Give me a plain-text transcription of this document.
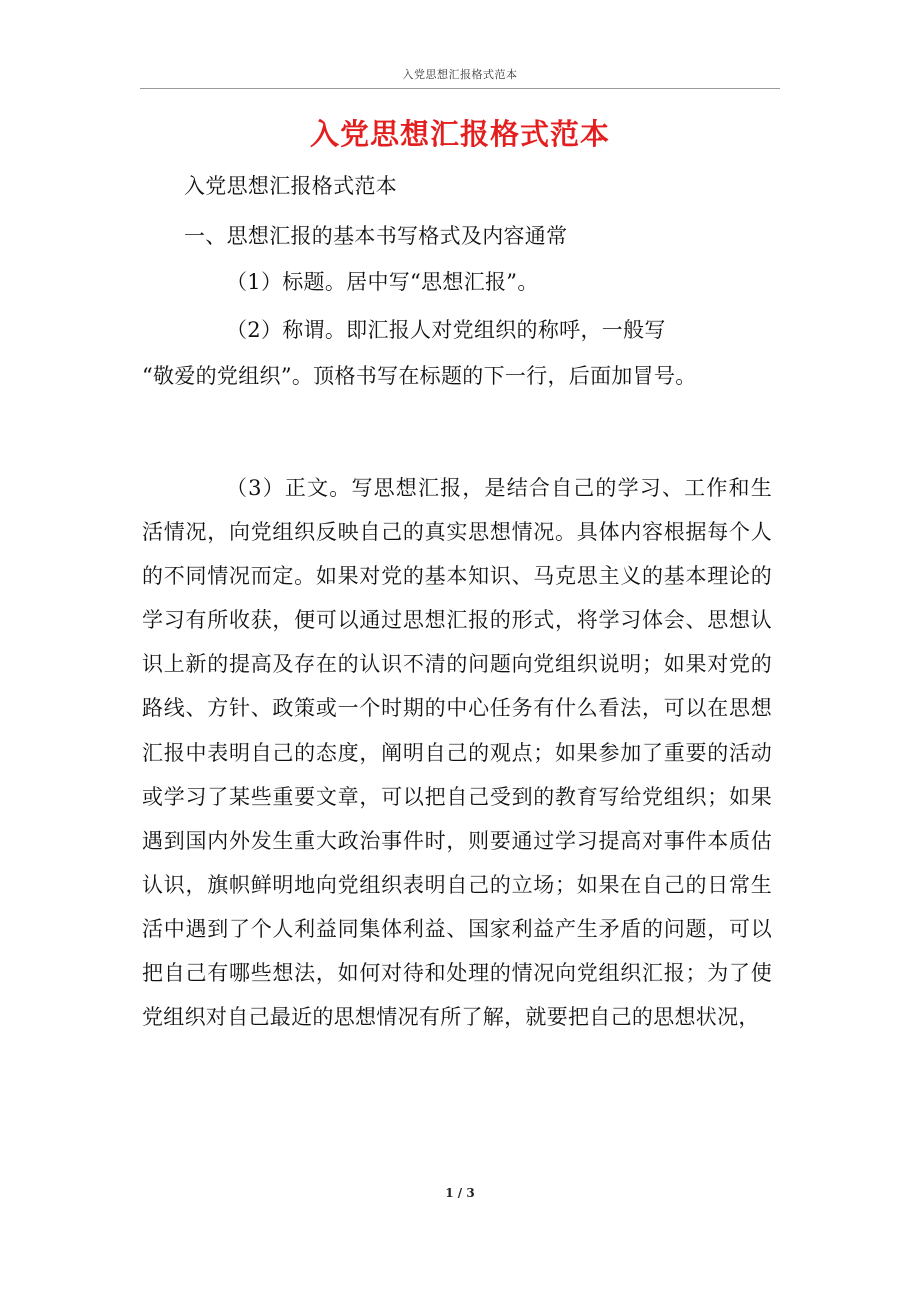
入党思想汇报格式范本
入党思想汇报格式范本
入党思想汇报格式范本
一、思想汇报的基本书写格式及内容通常
（1）标题。居中写“思想汇报”。
（2）称谓。即汇报人对党组织的称呼，一般写
“敬爱的党组织”。顶格书写在标题的下一行，后面加冒号。

（3）正文。写思想汇报，是结合自己的学习、工作和生活情况，向党组织反映自己的真实思想情况。具体内容根据每个人的不同情况而定。如果对党的基本知识、马克思主义的基本理论的学习有所收获，便可以通过思想汇报的形式，将学习体会、思想认识上新的提高及存在的认识不清的问题向党组织说明；如果对党的路线、方针、政策或一个时期的中心任务有什么看法，可以在思想汇报中表明自己的态度，阐明自己的观点；如果参加了重要的活动或学习了某些重要文章，可以把自己受到的教育写给党组织；如果遇到国内外发生重大政治事件时，则要通过学习提高对事件本质估认识，旗帜鲜明地向党组织表明自己的立场；如果在自己的日常生活中遇到了个人利益同集体利益、国家利益产生矛盾的问题，可以把自己有哪些想法，如何对待和处理的情况向党组织汇报；为了使党组织对自己最近的思想情况有所了解，就要把自己的思想状况，

1 / 3
